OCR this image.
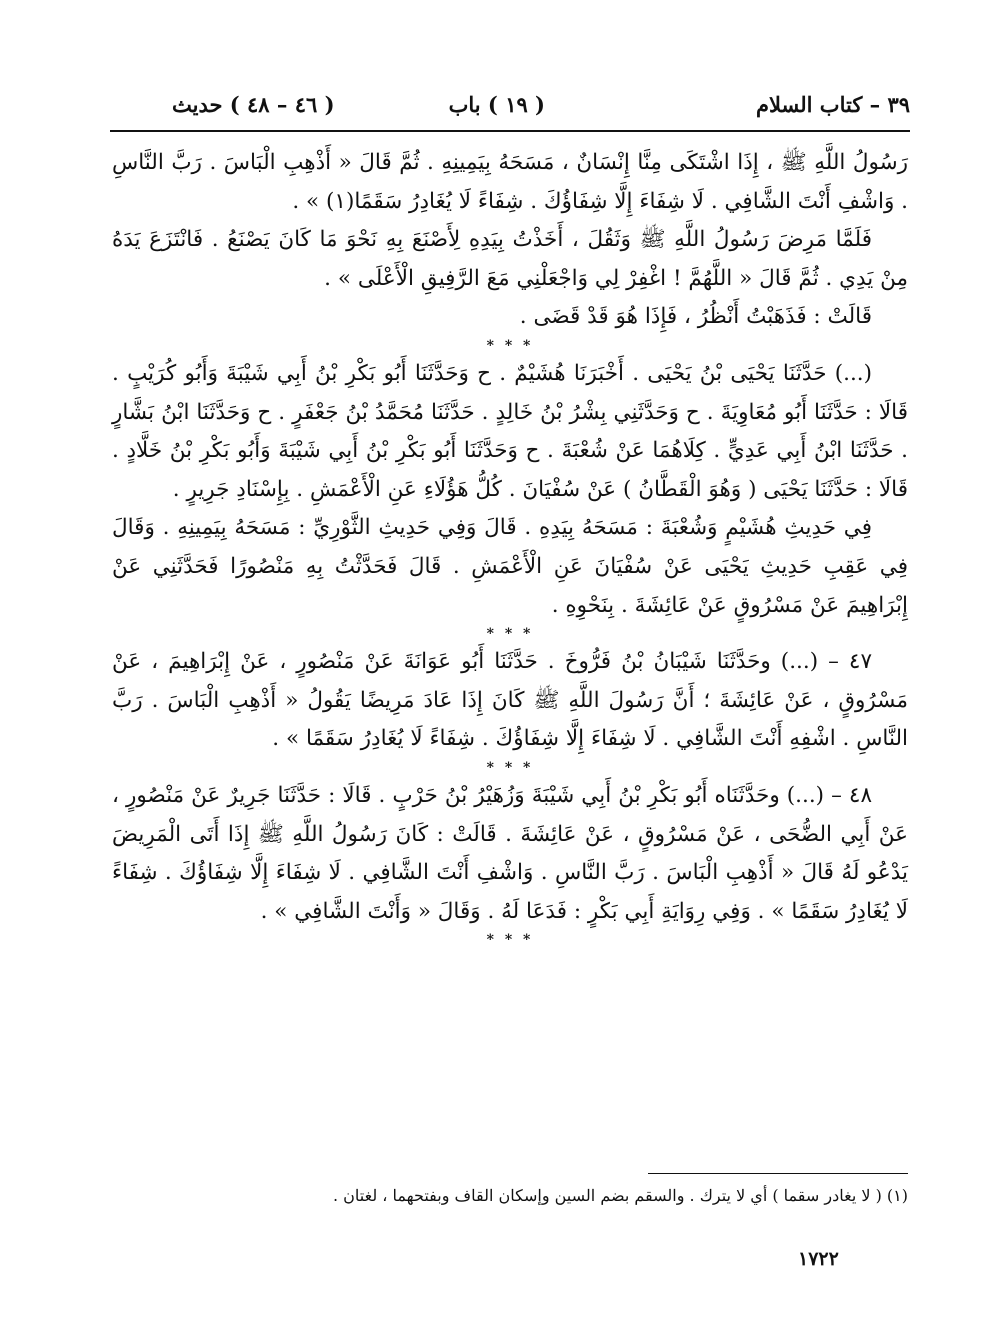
٣٩ – كتاب السلام
( ١٩ ) باب
( ٤٦ – ٤٨ ) حديث

رَسُولُ اللَّهِ ﷺ ، إِذَا اشْتَكَى مِنَّا إِنْسَانٌ ، مَسَحَهُ بِيَمِينِهِ . ثُمَّ قَالَ « أَذْهِبِ الْبَاسَ . رَبَّ النَّاسِ . وَاشْفِ أَنْتَ الشَّافِي . لَا شِفَاءَ إِلَّا شِفَاؤُكَ . شِفَاءً لَا يُغَادِرُ سَقَمًا(١) » .

فَلَمَّا مَرِضَ رَسُولُ اللَّهِ ﷺ وَثَقُلَ ، أَخَذْتُ بِيَدِهِ لِأَصْنَعَ بِهِ نَحْوَ مَا كَانَ يَصْنَعُ . فَانْتَزَعَ يَدَهُ مِنْ يَدِي . ثُمَّ قَالَ « اللَّهُمَّ ! اغْفِرْ لِي وَاجْعَلْنِي مَعَ الرَّفِيقِ الْأَعْلَى » .

قَالَتْ : فَذَهَبْتُ أَنْظُرُ ، فَإِذَا هُوَ قَدْ قَضَى .

* * *

(...) حَدَّثَنَا يَحْيَى بْنُ يَحْيَى . أَخْبَرَنَا هُشَيْمٌ . ح وَحَدَّثَنَا أَبُو بَكْرِ بْنُ أَبِي شَيْبَةَ وَأَبُو كُرَيْبٍ . قَالَا : حَدَّثَنَا أَبُو مُعَاوِيَةَ . ح وَحَدَّثَنِي بِشْرُ بْنُ خَالِدٍ . حَدَّثَنَا مُحَمَّدُ بْنُ جَعْفَرٍ . ح وَحَدَّثَنَا ابْنُ بَشَّارٍ . حَدَّثَنَا ابْنُ أَبِي عَدِيٍّ . كِلَاهُمَا عَنْ شُعْبَةَ . ح وَحَدَّثَنَا أَبُو بَكْرِ بْنُ أَبِي شَيْبَةَ وَأَبُو بَكْرِ بْنُ خَلَّادٍ . قَالَا : حَدَّثَنَا يَحْيَى ( وَهُوَ الْقَطَّانُ ) عَنْ سُفْيَانَ . كُلُّ هَؤُلَاءِ عَنِ الْأَعْمَشِ . بِإِسْنَادِ جَرِيرٍ .

فِي حَدِيثِ هُشَيْمٍ وَشُعْبَةَ : مَسَحَهُ بِيَدِهِ . قَالَ وَفِي حَدِيثِ الثَّوْرِيِّ : مَسَحَهُ بِيَمِينِهِ . وَقَالَ فِي عَقِبِ حَدِيثِ يَحْيَى عَنْ سُفْيَانَ عَنِ الْأَعْمَشِ . قَالَ فَحَدَّثْتُ بِهِ مَنْصُورًا فَحَدَّثَنِي عَنْ إِبْرَاهِيمَ عَنْ مَسْرُوقٍ عَنْ عَائِشَةَ . بِنَحْوِهِ .

* * *

٤٧ – (...) وحَدَّثَنَا شَيْبَانُ بْنُ فَرُّوخَ . حَدَّثَنَا أَبُو عَوَانَةَ عَنْ مَنْصُورٍ ، عَنْ إِبْرَاهِيمَ ، عَنْ مَسْرُوقٍ ، عَنْ عَائِشَةَ ؛ أَنَّ رَسُولَ اللَّهِ ﷺ كَانَ إِذَا عَادَ مَرِيضًا يَقُولُ « أَذْهِبِ الْبَاسَ . رَبَّ النَّاسِ . اشْفِهِ أَنْتَ الشَّافِي . لَا شِفَاءَ إِلَّا شِفَاؤُكَ . شِفَاءً لَا يُغَادِرُ سَقَمًا » .

* * *

٤٨ – (...) وحَدَّثَنَاه أَبُو بَكْرِ بْنُ أَبِي شَيْبَةَ وَزُهَيْرُ بْنُ حَرْبٍ . قَالَا : حَدَّثَنَا جَرِيرٌ عَنْ مَنْصُورٍ ، عَنْ أَبِي الضُّحَى ، عَنْ مَسْرُوقٍ ، عَنْ عَائِشَةَ . قَالَتْ : كَانَ رَسُولُ اللَّهِ ﷺ إِذَا أَتَى الْمَرِيضَ يَدْعُو لَهُ قَالَ « أَذْهِبِ الْبَاسَ . رَبَّ النَّاسِ . وَاشْفِ أَنْتَ الشَّافِي . لَا شِفَاءَ إِلَّا شِفَاؤُكَ . شِفَاءً لَا يُغَادِرُ سَقَمًا » . وَفِي رِوَايَةِ أَبِي بَكْرٍ : فَدَعَا لَهُ . وَقَالَ « وَأَنْتَ الشَّافِي » .

* * *

(١) ( لا يغادر سقما ) أي لا يترك . والسقم بضم السين وإسكان القاف وبفتحهما ، لغتان .
١٧٢٢
